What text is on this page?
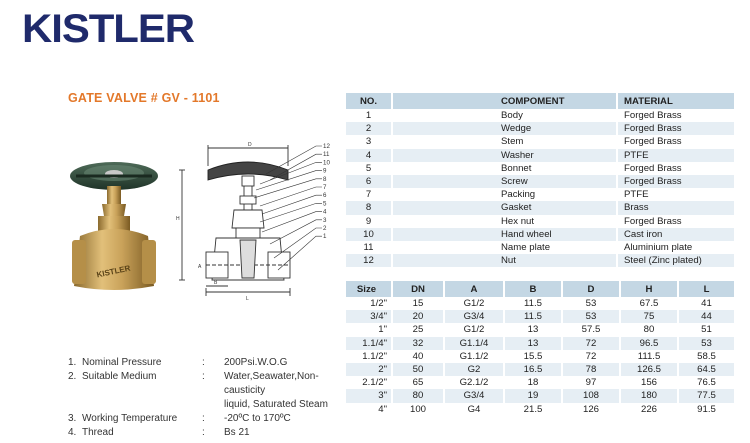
KISTLER
GATE VALVE # GV - 1101
KISTLER
D
H
L
B
A
12
11
10
9
8
7
6
5
4
3
2
1
NO.	COMPOMENT	MATERIAL
1	Body	Forged Brass
2	Wedge	Forged Brass
3	Stem	Forged Brass
4	Washer	PTFE
5	Bonnet	Forged Brass
6	Screw	Forged Brass
7	Packing	PTFE
8	Gasket	Brass
9	Hex nut	Forged Brass
10	Hand wheel	Cast iron
11	Name plate	Aluminium plate
12	Nut	Steel (Zinc plated)
Size	DN	A	B	D	H	L
1/2"	15	G1/2	11.5	53	67.5	41
3/4"	20	G3/4	11.5	53	75	44
1"	25	G1/2	13	57.5	80	51
1.1/4"	32	G1.1/4	13	72	96.5	53
1.1/2"	40	G1.1/2	15.5	72	111.5	58.5
2"	50	G2	16.5	78	126.5	64.5
2.1/2"	65	G2.1/2	18	97	156	76.5
3"	80	G3/4	19	108	180	77.5
4"	100	G4	21.5	126	226	91.5
1. Nominal Pressure	:	200Psi.W.O.G
2. Suitable Medium	:	Water,Seawater,Non-causticity
liquid, Saturated Steam
3. Working Temperature	:	-20ºC to 170ºC
4. Thread	:	Bs 21
